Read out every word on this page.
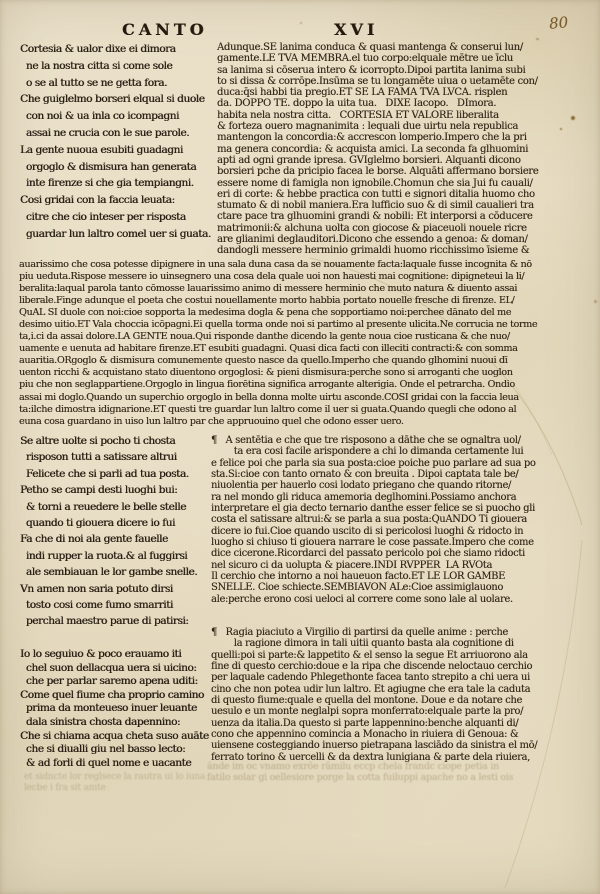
80
CANTO	XVI
Cortesia & ualor dixe ei dimora
ne la nostra citta si come sole
o se al tutto se ne getta fora.
Che guiglelmo borseri elqual si duole
con noi & ua inla co icompagni
assai ne crucia con le sue parole.
La gente nuoua esubiti guadagni
orgoglo & dismisura han generata
inte firenze si che gia tempiangni.
Cosi gridai con la faccia leuata:
citre che cio inteser per risposta
guardar lun laltro comel uer si guata.
Adunque.SE lanima conduca & quasi mantenga & conserui lun/
gamente.LE TVA MEMBRA.el tuo corpo:elquale mētre ue īclu
sa lanima si cōserua intero & icorropto.Dipoi partita lanima subi
to si dissa & corrōpe.Insūma se tu longamēte uiua o uetamēte con/
duca:q̄si habbi tia pregio.ET SE LA FAMA TVA LVCA. risplen
da. DOPPO TE. doppo la uita tua.   DIXE Iacopo.   DImora.
habita nela nostra citta.   CORTESIA ET VALORE liberalita
& forteza ouero magnanimita : lequali due uirtu nela republica
mantengon la concordia:& accrescon lomperio.Impero che la pri
ma genera concordia: & acquista amici. La seconda fa glhuomini
apti ad ogni grande ipresa. GVIglelmo borsieri. Alquanti dicono
borsieri pche da pricipio facea le borse. Alquāti affermano borsiere
essere nome di famigla non ignobile.Chomun che sia Jui fu cauali/
eri di corte: & hebbe practica con tutti e signori ditalia huomo cho
stumato & di nobil maniera.Era lufficio suo & di simil caualieri tra
ctare pace tra glhuomini grandi & nobili: Et interporsi a cōducere
matrimonii:& alchuna uolta con giocose & piaceuoli nouele ricre
are glianimi deglauditori.Dicono che essendo a genoa: & doman/
dandogli messere herminio grimaldi huomo ricchissimo īsieme &
auarissimo che cosa potesse dipignere in una sala duna casa da se nouamente facta:laquale fusse incognita & nō
piu ueduta.Rispose messere io uinsegnero una cosa dela quale uoi non hauesti mai cognitione: dipigneteui la li/
beralita:laqual parola tanto cōmosse lauarissimo animo di messere herminio che muto natura & diuento assai
liberale.Finge adunque el poeta che costui nouellamente morto habbia portato nouelle fresche di firenze. EL/
QuAL SI duole con noi:cioe sopporta la medesima dogla & pena che sopportiamo noi:perchee dānato del me
desimo uitio.ET Vala choccia icōpagni.Ei quella torma onde noi si partimo al presente ulicita.Ne corrucia ne torme
ta,i.ci da assai dolore.LA GENTE noua.Qui risponde danthe dicendo la gente noua cioe rusticana & che nuo/
uamente e uenuta ad habitare firenze.ET esubiti guadagni. Quasi dica facti con illeciti contracti:& con somma
auaritia.ORgoglo & dismisura comunemente questo nasce da quello.Imperho che quando glhomini nuoui dī
uenton ricchi & acquistano stato diuentono orgoglosi: & pieni dismisura:perche sono si arroganti che uoglon
piu che non seglappartiene.Orgoglo in lingua fiorētina significa arrogante alterigia. Onde el petrarcha. Ondio
assai mi doglo.Quando un superchio orgoglo in bella donna molte uirtu asconde.COSI gridai con la faccia leua
ta:ilche dimostra idignarione.ET questi tre guardar lun laltro come il uer si guata.Quando quegli che odono al
euna cosa guardano in uiso lun laltro par che appruouino quel che odono esser uero.
Se altre uolte si pocho ti chosta
risposon tutti a satissare altrui
Felicete che si parli ad tua posta.
Petho se campi desti luoghi bui:
& torni a reuedere le belle stelle
quando ti giouera dicere io fui
Fa che di noi ala gente fauelle
indi rupper la ruota.& al fuggirsi
ale sembiauan le lor gambe snelle.
Vn amen non saria potuto dirsi
tosto cosi come fumo smarriti
perchal maestro parue di patirsi:
Io lo seguiuo & poco erauamo iti
chel suon dellacqua uera si uicino:
che per parlar saremo apena uditi:
Come quel fiume cha proprio camino
prima da monteueso inuer leuante
dala sinistra chosta dapennino:
Che si chiama acqua cheta suso auāte
che si diualli giu nel basso lecto:
& ad forli di quel nome e uacante
¶   A sentētia e che que tre risposono a dāthe che se ognaltra uol/
ta era cosi facile arispondere a chi lo dimanda certamente lui
e felice poi che parla sia sua posta:cioe poiche puo parlare ad sua po
sta.Si:cioe con tanto ornato & con breuita . Dipoi captata tale be/
niuolentia per hauerlo cosi lodato priegano che quando ritorne/
ra nel mondo gli riduca amemoria deglhomini.Possiamo anchora
interpretare el gia decto ternario danthe esser felice se si puocho gli
costa el satissare altrui:& se parla a sua posta:QuANDO Ti giouera
dicere io fui.Cioe quando uscito di si pericolosi luoghi & ridocto in
luogho si chiuso ti giouera narrare le cose passate.Impero che come
dice cicerone.Ricordarci del passato pericolo poi che siamo ridocti
nel sicuro ci da uolupta & piacere.INDI RVPPER  LA RVOta
Il cerchio che intorno a noi haueuon facto.ET LE LOR GAMBE
SNELLE. Cioe schiecte.SEMBIAVON ALe:Cioe assimiglauono
ale:perche erono cosi ueloci al correre come sono lale al uolare.
¶   Ragia piaciuto a Virgilio di partirsi da quelle anime : perche
la ragione dimora in tali uitii quanto basta ala cognitione di
quelli:poi si parte:& lappetito & el senso la segue Et arriuorono ala
fine di questo cerchio:doue e la ripa che discende neloctauo cerchio
per laquale cadendo Phlegethonte facea tanto strepito a chi uera ui
cino che non potea udir lun laltro. Et agiugne che era tale la caduta
di questo fiume:quale e quella del montone. Doue e da notare che
uesulo e un monte neglalpi sopra monferrato:elquale parte la pro/
uenza da italia.Da questo si parte lappennino:benche alquanti di/
cono che appennino comincia a Monacho in riuiera di Genoua: &
uiensene costeggiando inuerso pietrapana lasciādo da sinistra el mō/
ferrato torino & uercelli & da dextra lunigiana & parte dela riuiera,
ānde im oc vnamo exrōe rāmilu eccp chela frandc ciope petia in
fatilo solar gi oellesiore porge la cotta fuiluppi apache no a lesti ois
et sidncte lor reglsece la rautra ui lo iuna
lecbe i fra sit amte
